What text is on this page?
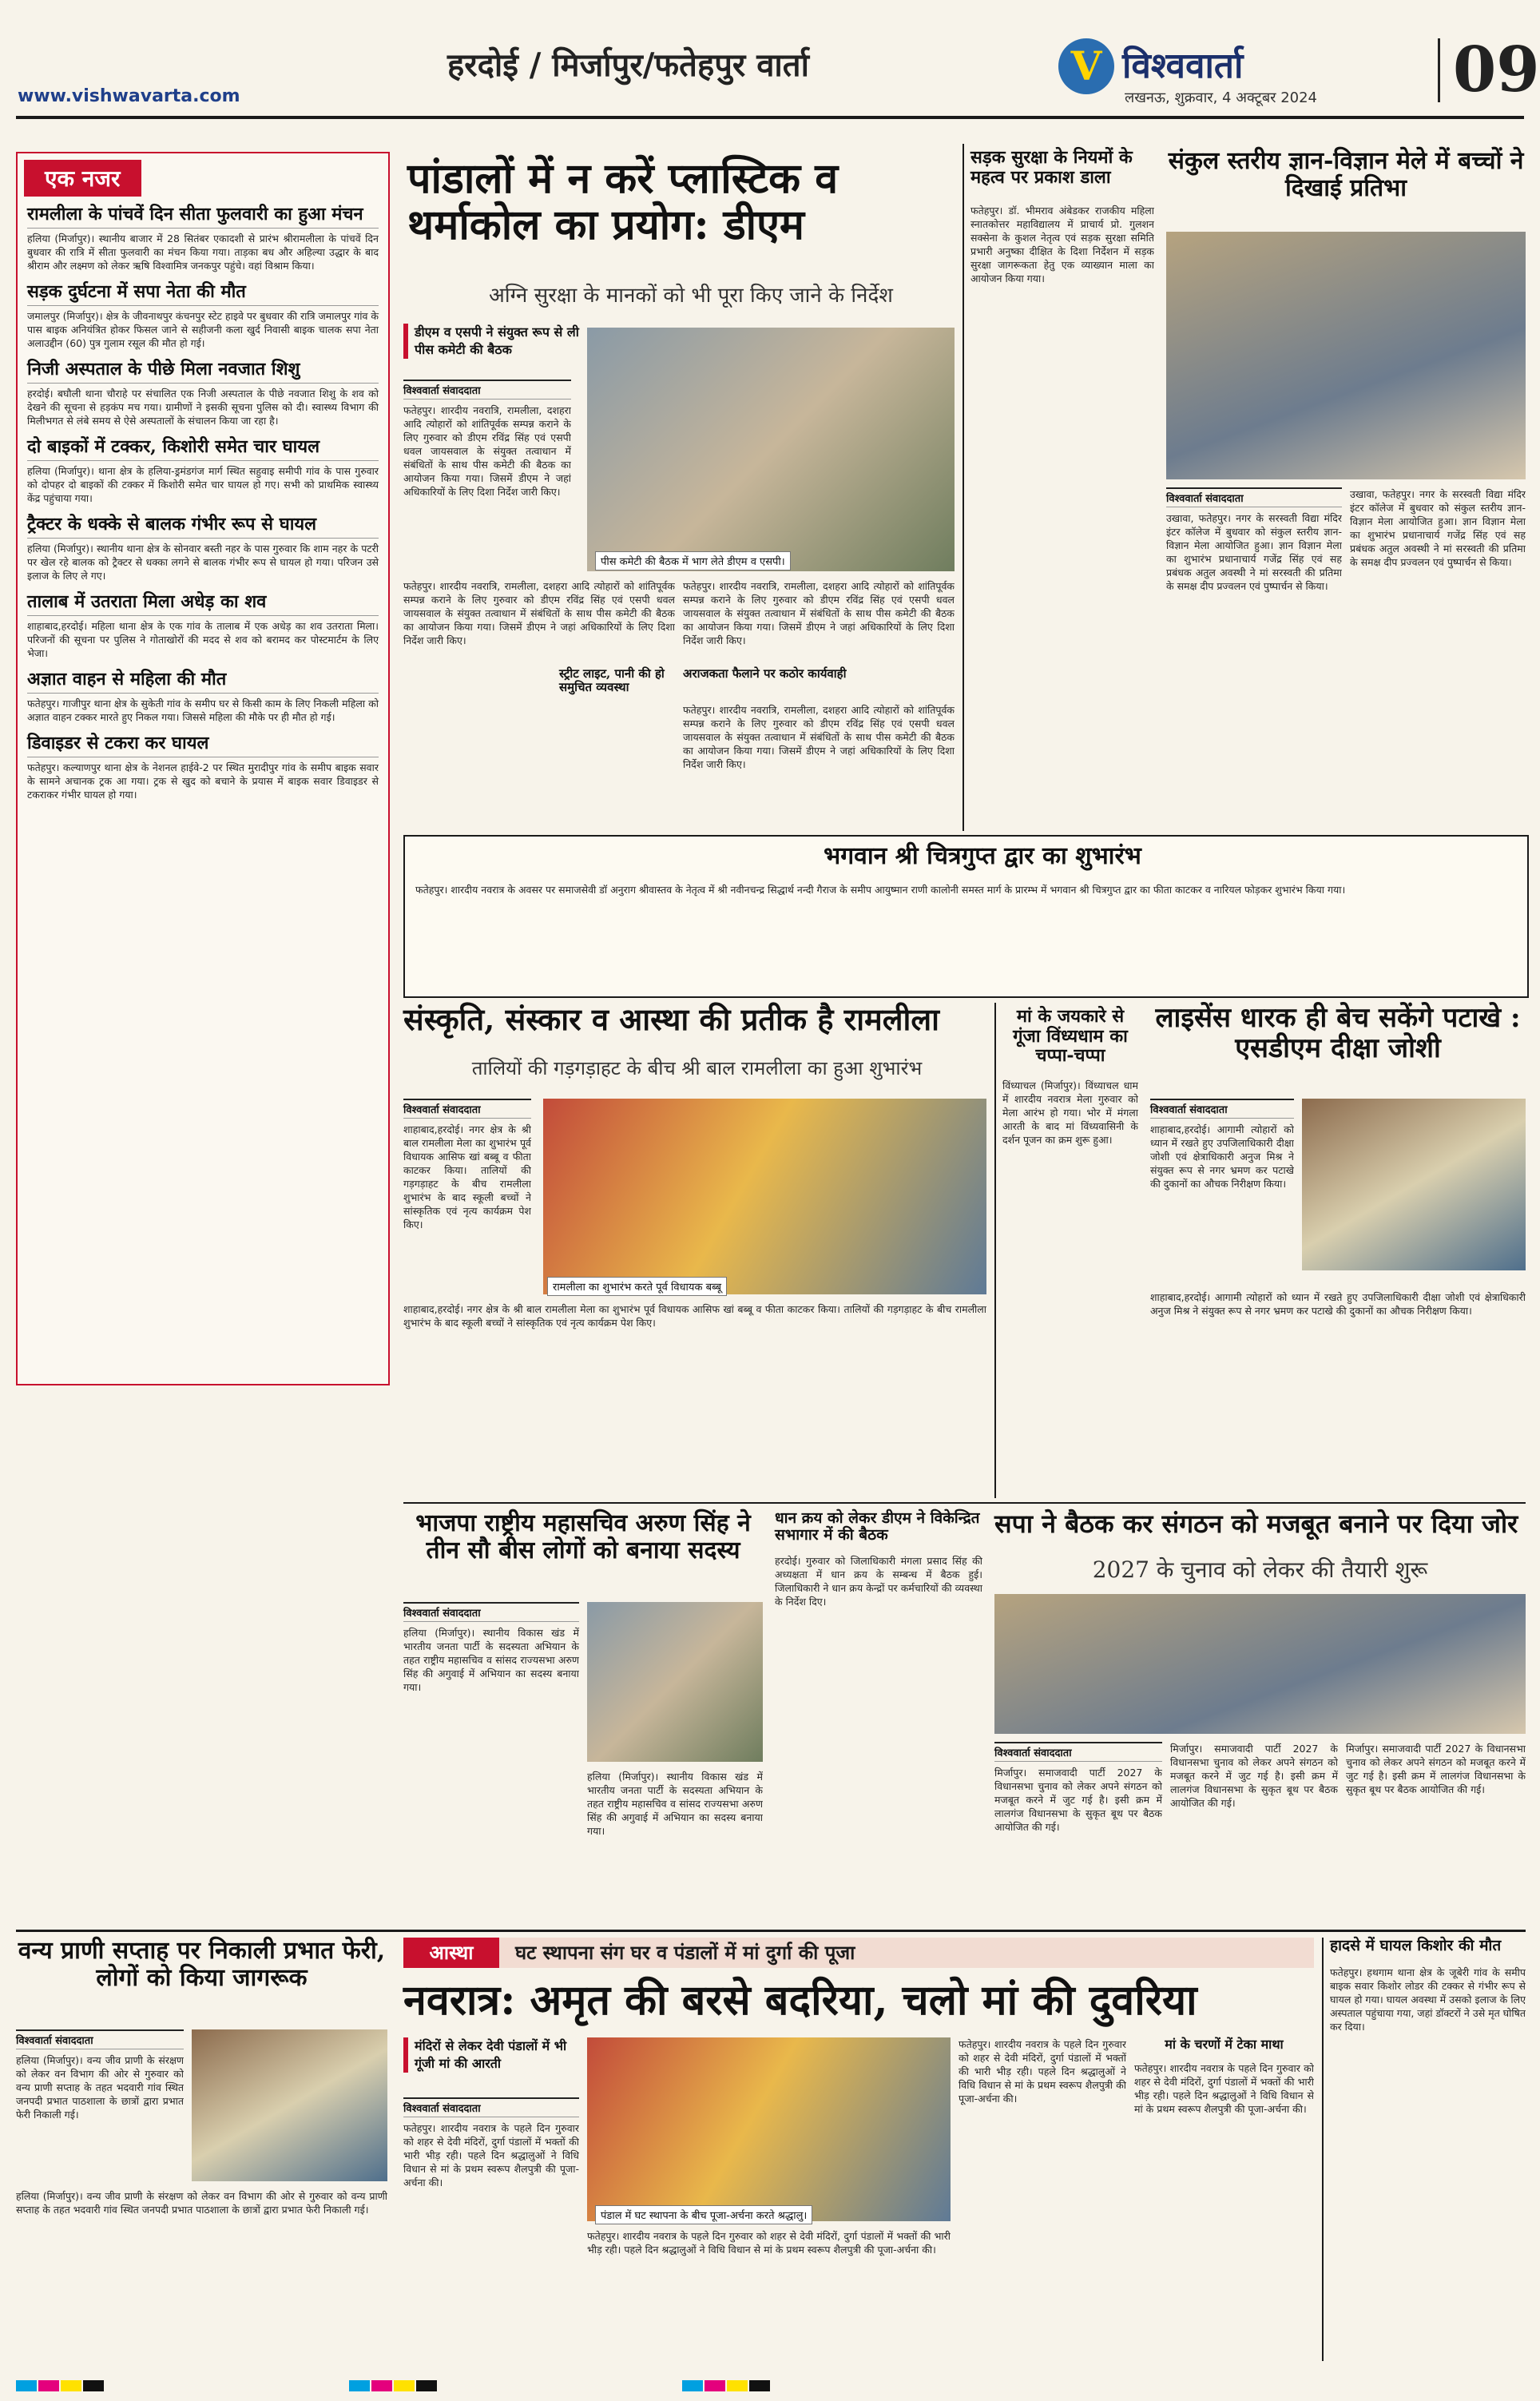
हरदोई / मिर्जापुर/फतेहपुर वार्ता
www.vishwavarta.com
V विश्ववार्ता
लखनऊ, शुक्रवार, 4 अक्टूबर 2024 09
एक नजर
रामलीला के पांचवें दिन सीता फुलवारी का हुआ मंचन
हलिया (मिर्जापुर)। स्थानीय बाजार में 28 सितंबर एकादशी से प्रारंभ श्रीरामलीला के पांचवें दिन बुधवार की रात्रि में सीता फुलवारी का मंचन किया गया। ताड़का बध और अहिल्या उद्धार के बाद श्रीराम और लक्ष्मण को लेकर ऋषि विश्वामित्र जनकपुर पहुंचे। वहां विश्राम किया।
सड़क दुर्घटना में सपा नेता की मौत
जमालपुर (मिर्जापुर)। क्षेत्र के जीवनाथपुर कंचनपुर स्टेट हाइवे पर बुधवार की रात्रि जमालपुर गांव के पास बाइक अनियंत्रित होकर फिसल जाने से सहीजनी कला खुर्द निवासी बाइक चालक सपा नेता अलाउद्दीन (60) पुत्र गुलाम रसूल की मौत हो गई।
निजी अस्पताल के पीछे मिला नवजात शिशु
हरदोई। बघौली थाना चौराहे पर संचालित एक निजी अस्पताल के पीछे नवजात शिशु के शव को देखने की सूचना से हड़कंप मच गया। ग्रामीणों ने इसकी सूचना पुलिस को दी। स्वास्थ्य विभाग की मिलीभगत से लंबे समय से ऐसे अस्पतालों के संचालन किया जा रहा है।
दो बाइकों में टक्कर, किशोरी समेत चार घायल
हलिया (मिर्जापुर)। थाना क्षेत्र के हलिया-ड्रमंडगंज मार्ग स्थित सहुवाइ समीपी गांव के पास गुरुवार को दोपहर दो बाइकों की टक्कर में किशोरी समेत चार घायल हो गए। सभी को प्राथमिक स्वास्थ्य केंद्र पहुंचाया गया।
ट्रैक्टर के धक्के से बालक गंभीर रूप से घायल
हलिया (मिर्जापुर)। स्थानीय थाना क्षेत्र के सोनवार बस्ती नहर के पास गुरुवार कि शाम नहर के पटरी पर खेल रहे बालक को ट्रैक्टर से धक्का लगने से बालक गंभीर रूप से घायल हो गया। परिजन उसे इलाज के लिए ले गए।
तालाब में उतराता मिला अधेड़ का शव
शाहाबाद,हरदोई। महिला थाना क्षेत्र के एक गांव के तालाब में एक अधेड़ का शव उतराता मिला। परिजनों की सूचना पर पुलिस ने गोताखोरों की मदद से शव को बरामद कर पोस्टमार्टम के लिए भेजा।
अज्ञात वाहन से महिला की मौत
फतेहपुर। गाजीपुर थाना क्षेत्र के सुकेती गांव के समीप घर से किसी काम के लिए निकली महिला को अज्ञात वाहन टक्कर मारते हुए निकल गया। जिससे महिला की मौके पर ही मौत हो गई।
डिवाइडर से टकरा कर घायल
फतेहपुर। कल्याणपुर थाना क्षेत्र के नेशनल हाईवे-2 पर स्थित मुरादीपुर गांव के समीप बाइक सवार के सामने अचानक ट्रक आ गया। ट्रक से खुद को बचाने के प्रयास में बाइक सवार डिवाइडर से टकराकर गंभीर घायल हो गया।
पांडालों में न करें प्लास्टिक व थर्माकोल का प्रयोग: डीएम
अग्नि सुरक्षा के मानकों को भी पूरा किए जाने के निर्देश
डीएम व एसपी ने संयुक्त रूप से ली पीस कमेटी की बैठक
विश्ववार्ता संवाददाता
फतेहपुर। शारदीय नवरात्रि, रामलीला, दशहरा आदि त्योहारों को शांतिपूर्वक सम्पन्न कराने के लिए गुरुवार को डीएम रविंद्र सिंह एवं एसपी धवल जायसवाल के संयुक्त तत्वाधान में संबंधितों के साथ पीस कमेटी की बैठक का आयोजन किया गया। जिसमें डीएम ने जहां अधिकारियों के लिए दिशा निर्देश जारी किए।
पीस कमेटी की बैठक में भाग लेते डीएम व एसपी।
फतेहपुर। शारदीय नवरात्रि, रामलीला, दशहरा आदि त्योहारों को शांतिपूर्वक सम्पन्न कराने के लिए गुरुवार को डीएम रविंद्र सिंह एवं एसपी धवल जायसवाल के संयुक्त तत्वाधान में संबंधितों के साथ पीस कमेटी की बैठक का आयोजन किया गया। जिसमें डीएम ने जहां अधिकारियों के लिए दिशा निर्देश जारी किए।
फतेहपुर। शारदीय नवरात्रि, रामलीला, दशहरा आदि त्योहारों को शांतिपूर्वक सम्पन्न कराने के लिए गुरुवार को डीएम रविंद्र सिंह एवं एसपी धवल जायसवाल के संयुक्त तत्वाधान में संबंधितों के साथ पीस कमेटी की बैठक का आयोजन किया गया। जिसमें डीएम ने जहां अधिकारियों के लिए दिशा निर्देश जारी किए।
अराजकता फैलाने पर कठोर कार्यवाही
स्ट्रीट लाइट, पानी की हो समुचित व्यवस्था
फतेहपुर। शारदीय नवरात्रि, रामलीला, दशहरा आदि त्योहारों को शांतिपूर्वक सम्पन्न कराने के लिए गुरुवार को डीएम रविंद्र सिंह एवं एसपी धवल जायसवाल के संयुक्त तत्वाधान में संबंधितों के साथ पीस कमेटी की बैठक का आयोजन किया गया। जिसमें डीएम ने जहां अधिकारियों के लिए दिशा निर्देश जारी किए।
सड़क सुरक्षा के नियमों के महत्व पर प्रकाश डाला
फतेहपुर। डॉ. भीमराव अंबेडकर राजकीय महिला स्नातकोत्तर महाविद्यालय में प्राचार्य प्रो. गुलशन सक्सेना के कुशल नेतृत्व एवं सड़क सुरक्षा समिति प्रभारी अनुष्का दीक्षित के दिशा निर्देशन में सड़क सुरक्षा जागरूकता हेतु एक व्याख्यान माला का आयोजन किया गया।
संकुल स्तरीय ज्ञान-विज्ञान मेले में बच्चों ने दिखाई प्रतिभा
विश्ववार्ता संवाददाता
उखावा, फतेहपुर। नगर के सरस्वती विद्या मंदिर इंटर कॉलेज में बुधवार को संकुल स्तरीय ज्ञान-विज्ञान मेला आयोजित हुआ। ज्ञान विज्ञान मेला का शुभारंभ प्रधानाचार्य गजेंद्र सिंह एवं सह प्रबंधक अतुल अवस्थी ने मां सरस्वती की प्रतिमा के समक्ष दीप प्रज्वलन एवं पुष्पार्चन से किया।
उखावा, फतेहपुर। नगर के सरस्वती विद्या मंदिर इंटर कॉलेज में बुधवार को संकुल स्तरीय ज्ञान-विज्ञान मेला आयोजित हुआ। ज्ञान विज्ञान मेला का शुभारंभ प्रधानाचार्य गजेंद्र सिंह एवं सह प्रबंधक अतुल अवस्थी ने मां सरस्वती की प्रतिमा के समक्ष दीप प्रज्वलन एवं पुष्पार्चन से किया।
भगवान श्री चित्रगुप्त द्वार का शुभारंभ
फतेहपुर। शारदीय नवरात्र के अवसर पर समाजसेवी डॉ अनुराग श्रीवास्तव के नेतृत्व में श्री नवीनचन्द्र सिद्धार्थ नन्दी गैराज के समीप आयुष्मान राणी कालोनी समस्त मार्ग के प्रारम्भ में भगवान श्री चित्रगुप्त द्वार का फीता काटकर व नारियल फोड़कर शुभारंभ किया गया।
संस्कृति, संस्कार व आस्था की प्रतीक है रामलीला
तालियों की गड़गड़ाहट के बीच श्री बाल रामलीला का हुआ शुभारंभ
विश्ववार्ता संवाददाता
शाहाबाद,हरदोई। नगर क्षेत्र के श्री बाल रामलीला मेला का शुभारंभ पूर्व विधायक आसिफ खां बब्बू व फीता काटकर किया। तालियों की गड़गड़ाहट के बीच रामलीला शुभारंभ के बाद स्कूली बच्चों ने सांस्कृतिक एवं नृत्य कार्यक्रम पेश किए।
रामलीला का शुभारंभ करते पूर्व विधायक बब्बू
शाहाबाद,हरदोई। नगर क्षेत्र के श्री बाल रामलीला मेला का शुभारंभ पूर्व विधायक आसिफ खां बब्बू व फीता काटकर किया। तालियों की गड़गड़ाहट के बीच रामलीला शुभारंभ के बाद स्कूली बच्चों ने सांस्कृतिक एवं नृत्य कार्यक्रम पेश किए।
मां के जयकारे से गूंजा विंध्यधाम का चप्पा-चप्पा
विंध्याचल (मिर्जापुर)। विंध्याचल धाम में शारदीय नवरात्र मेला गुरुवार को मेला आरंभ हो गया। भोर में मंगला आरती के बाद मां विंध्यवासिनी के दर्शन पूजन का क्रम शुरू हुआ।
लाइसेंस धारक ही बेच सकेंगे पटाखे : एसडीएम दीक्षा जोशी
विश्ववार्ता संवाददाता
शाहाबाद,हरदोई। आगामी त्योहारों को ध्यान में रखते हुए उपजिलाधिकारी दीक्षा जोशी एवं क्षेत्राधिकारी अनुज मिश्र ने संयुक्त रूप से नगर भ्रमण कर पटाखे की दुकानों का औचक निरीक्षण किया।
शाहाबाद,हरदोई। आगामी त्योहारों को ध्यान में रखते हुए उपजिलाधिकारी दीक्षा जोशी एवं क्षेत्राधिकारी अनुज मिश्र ने संयुक्त रूप से नगर भ्रमण कर पटाखे की दुकानों का औचक निरीक्षण किया।
भाजपा राष्ट्रीय महासचिव अरुण सिंह ने तीन सौ बीस लोगों को बनाया सदस्य
विश्ववार्ता संवाददाता
हलिया (मिर्जापुर)। स्थानीय विकास खंड में भारतीय जनता पार्टी के सदस्यता अभियान के तहत राष्ट्रीय महासचिव व सांसद राज्यसभा अरुण सिंह की अगुवाई में अभियान का सदस्य बनाया गया।
हलिया (मिर्जापुर)। स्थानीय विकास खंड में भारतीय जनता पार्टी के सदस्यता अभियान के तहत राष्ट्रीय महासचिव व सांसद राज्यसभा अरुण सिंह की अगुवाई में अभियान का सदस्य बनाया गया।
धान क्रय को लेकर डीएम ने विकेन्द्रित सभागार में की बैठक
हरदोई। गुरुवार को जिलाधिकारी मंगला प्रसाद सिंह की अध्यक्षता में धान क्रय के सम्बन्ध में बैठक हुई। जिलाधिकारी ने धान क्रय केन्द्रों पर कर्मचारियों की व्यवस्था के निर्देश दिए।
सपा ने बैठक कर संगठन को मजबूत बनाने पर दिया जोर
2027 के चुनाव को लेकर की तैयारी शुरू
विश्ववार्ता संवाददाता
मिर्जापुर। समाजवादी पार्टी 2027 के विधानसभा चुनाव को लेकर अपने संगठन को मजबूत करने में जुट गई है। इसी क्रम में लालगंज विधानसभा के सुकृत बूथ पर बैठक आयोजित की गई।
मिर्जापुर। समाजवादी पार्टी 2027 के विधानसभा चुनाव को लेकर अपने संगठन को मजबूत करने में जुट गई है। इसी क्रम में लालगंज विधानसभा के सुकृत बूथ पर बैठक आयोजित की गई।
मिर्जापुर। समाजवादी पार्टी 2027 के विधानसभा चुनाव को लेकर अपने संगठन को मजबूत करने में जुट गई है। इसी क्रम में लालगंज विधानसभा के सुकृत बूथ पर बैठक आयोजित की गई।
वन्य प्राणी सप्ताह पर निकाली प्रभात फेरी, लोगों को किया जागरूक
विश्ववार्ता संवाददाता
हलिया (मिर्जापुर)। वन्य जीव प्राणी के संरक्षण को लेकर वन विभाग की ओर से गुरुवार को वन्य प्राणी सप्ताह के तहत भदवारी गांव स्थित जनपदी प्रभात पाठशाला के छात्रों द्वारा प्रभात फेरी निकाली गई।
हलिया (मिर्जापुर)। वन्य जीव प्राणी के संरक्षण को लेकर वन विभाग की ओर से गुरुवार को वन्य प्राणी सप्ताह के तहत भदवारी गांव स्थित जनपदी प्रभात पाठशाला के छात्रों द्वारा प्रभात फेरी निकाली गई।
आस्था	घट स्थापना संग घर व पंडालों में मां दुर्गा की पूजा
नवरात्र: अमृत की बरसे बदरिया, चलो मां की दुवरिया
मंदिरों से लेकर देवी पंडालों में भी गूंजी मां की आरती
विश्ववार्ता संवाददाता
फतेहपुर। शारदीय नवरात्र के पहले दिन गुरुवार को शहर से देवी मंदिरों, दुर्गा पंडालों में भक्तों की भारी भीड़ रही। पहले दिन श्रद्धालुओं ने विधि विधान से मां के प्रथम स्वरूप शैलपुत्री की पूजा-अर्चना की।
पंडाल में घट स्थापना के बीच पूजा-अर्चना करते श्रद्धालु।
फतेहपुर। शारदीय नवरात्र के पहले दिन गुरुवार को शहर से देवी मंदिरों, दुर्गा पंडालों में भक्तों की भारी भीड़ रही। पहले दिन श्रद्धालुओं ने विधि विधान से मां के प्रथम स्वरूप शैलपुत्री की पूजा-अर्चना की।
फतेहपुर। शारदीय नवरात्र के पहले दिन गुरुवार को शहर से देवी मंदिरों, दुर्गा पंडालों में भक्तों की भारी भीड़ रही। पहले दिन श्रद्धालुओं ने विधि विधान से मां के प्रथम स्वरूप शैलपुत्री की पूजा-अर्चना की।
मां के चरणों में टेका माथा
फतेहपुर। शारदीय नवरात्र के पहले दिन गुरुवार को शहर से देवी मंदिरों, दुर्गा पंडालों में भक्तों की भारी भीड़ रही। पहले दिन श्रद्धालुओं ने विधि विधान से मां के प्रथम स्वरूप शैलपुत्री की पूजा-अर्चना की।
हादसे में घायल किशोर की मौत
फतेहपुर। हथगाम थाना क्षेत्र के जूबेरी गांव के समीप बाइक सवार किशोर लोडर की टक्कर से गंभीर रूप से घायल हो गया। घायल अवस्था में उसको इलाज के लिए अस्पताल पहुंचाया गया, जहां डॉक्टरों ने उसे मृत घोषित कर दिया।
